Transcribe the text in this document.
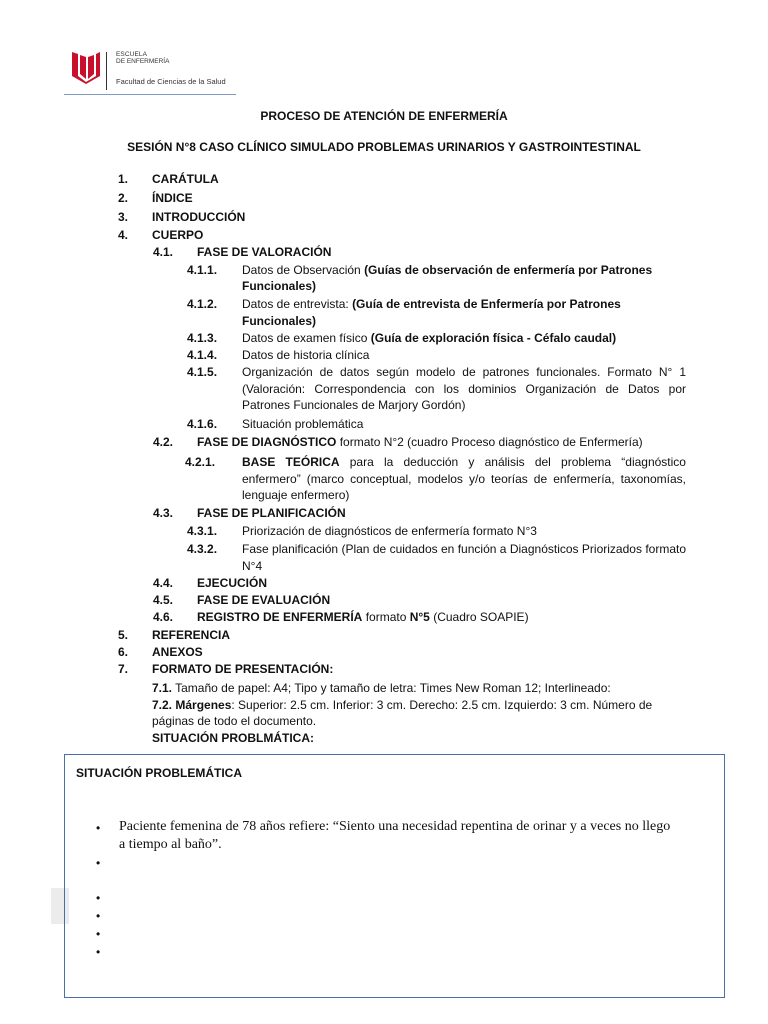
ESCUELA
DE ENFERMERÍA
Facultad de Ciencias de la Salud
PROCESO DE ATENCIÓN DE ENFERMERÍA
SESIÓN N°8 CASO CLÍNICO SIMULADO PROBLEMAS URINARIOS Y GASTROINTESTINAL
1. CARÁTULA
2. ÍNDICE
3. INTRODUCCIÓN
4. CUERPO
4.1. FASE DE VALORACIÓN
4.1.1. Datos de Observación (Guías de observación de enfermería por Patrones
Funcionales)
4.1.2. Datos de entrevista: (Guía de entrevista de Enfermería por Patrones
Funcionales)
4.1.3. Datos de examen físico (Guía de exploración física - Céfalo caudal)
4.1.4. Datos de historia clínica
4.1.5. Organización de datos según modelo de patrones funcionales. Formato N° 1 (Valoración: Correspondencia con los dominios Organización de Datos por Patrones Funcionales de Marjory Gordón)
4.1.6. Situación problemática
4.2. FASE DE DIAGNÓSTICO formato N°2 (cuadro Proceso diagnóstico de Enfermería)
4.2.1. BASE TEÓRICA para la deducción y análisis del problema “diagnóstico enfermero” (marco conceptual, modelos y/o teorías de enfermería, taxonomías, lenguaje enfermero)
4.3. FASE DE PLANIFICACIÓN
4.3.1. Priorización de diagnósticos de enfermería formato N°3
4.3.2. Fase planificación (Plan de cuidados en función a Diagnósticos Priorizados formato N°4
4.4. EJECUCIÓN
4.5. FASE DE EVALUACIÓN
4.6. REGISTRO DE ENFERMERÍA formato N°5 (Cuadro SOAPIE)
5. REFERENCIA
6. ANEXOS
7. FORMATO DE PRESENTACIÓN:
7.1. Tamaño de papel: A4; Tipo y tamaño de letra: Times New Roman 12; Interlineado:
7.2. Márgenes: Superior: 2.5 cm. Inferior: 3 cm. Derecho: 2.5 cm. Izquierdo: 3 cm. Número de
páginas de todo el documento.
SITUACIÓN PROBLMÁTICA:
SITUACIÓN PROBLEMÁTICA
• Paciente femenina de 78 años refiere: “Siento una necesidad repentina de orinar y a veces no llego
a tiempo al baño”.
•
•
•
•
•
